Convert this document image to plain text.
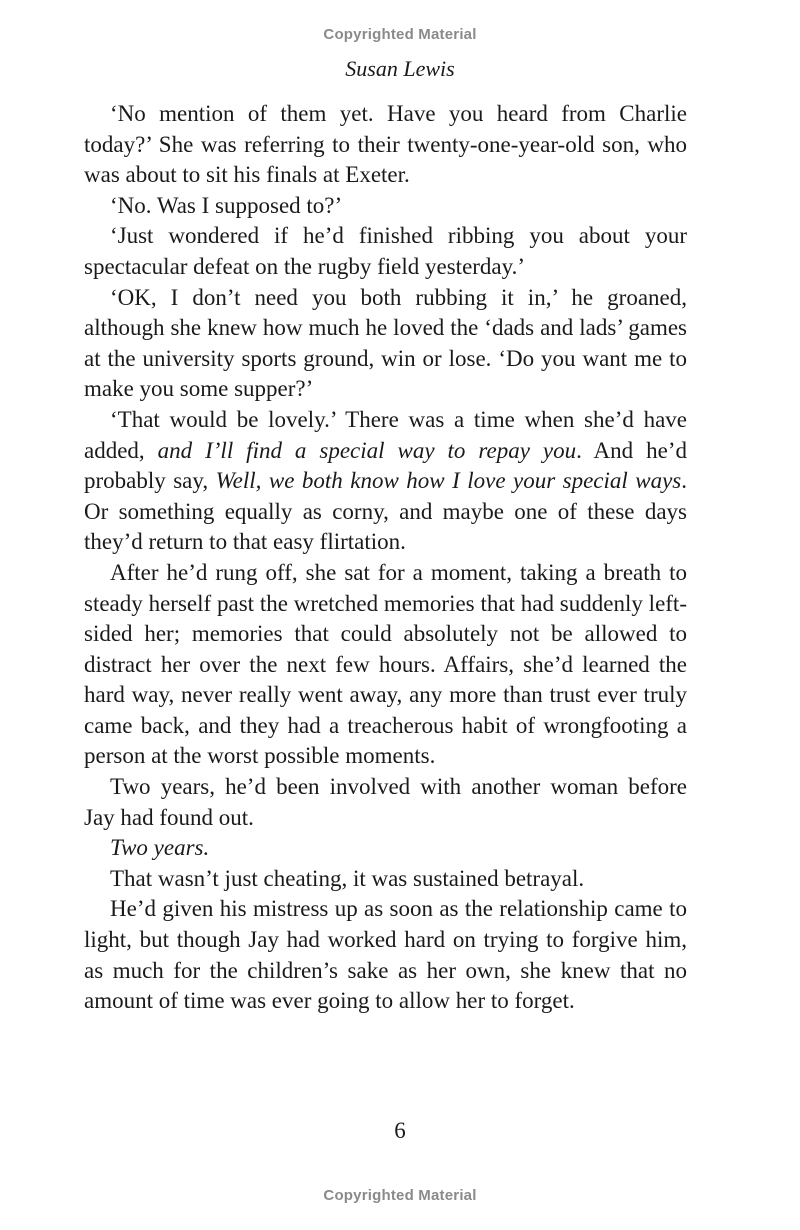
Copyrighted Material
Susan Lewis

‘No mention of them yet. Have you heard from Charlie today?’ She was referring to their twenty-one-year-old son, who was about to sit his finals at Exeter.

‘No. Was I supposed to?’

‘Just wondered if he’d finished ribbing you about your spectacular defeat on the rugby field yesterday.’

‘OK, I don’t need you both rubbing it in,’ he groaned, although she knew how much he loved the ‘dads and lads’ games at the university sports ground, win or lose. ‘Do you want me to make you some supper?’

‘That would be lovely.’ There was a time when she’d have added, and I’ll find a special way to repay you. And he’d probably say, Well, we both know how I love your special ways. Or something equally as corny, and maybe one of these days they’d return to that easy flirtation.

After he’d rung off, she sat for a moment, taking a breath to steady herself past the wretched memories that had suddenly left-sided her; memories that could absolutely not be allowed to distract her over the next few hours. Affairs, she’d learned the hard way, never really went away, any more than trust ever truly came back, and they had a treacherous habit of wrongfooting a person at the worst possible moments.

Two years, he’d been involved with another woman before Jay had found out.

Two years.

That wasn’t just cheating, it was sustained betrayal.

He’d given his mistress up as soon as the relationship came to light, but though Jay had worked hard on trying to forgive him, as much for the children’s sake as her own, she knew that no amount of time was ever going to allow her to forget.

6
Copyrighted Material
